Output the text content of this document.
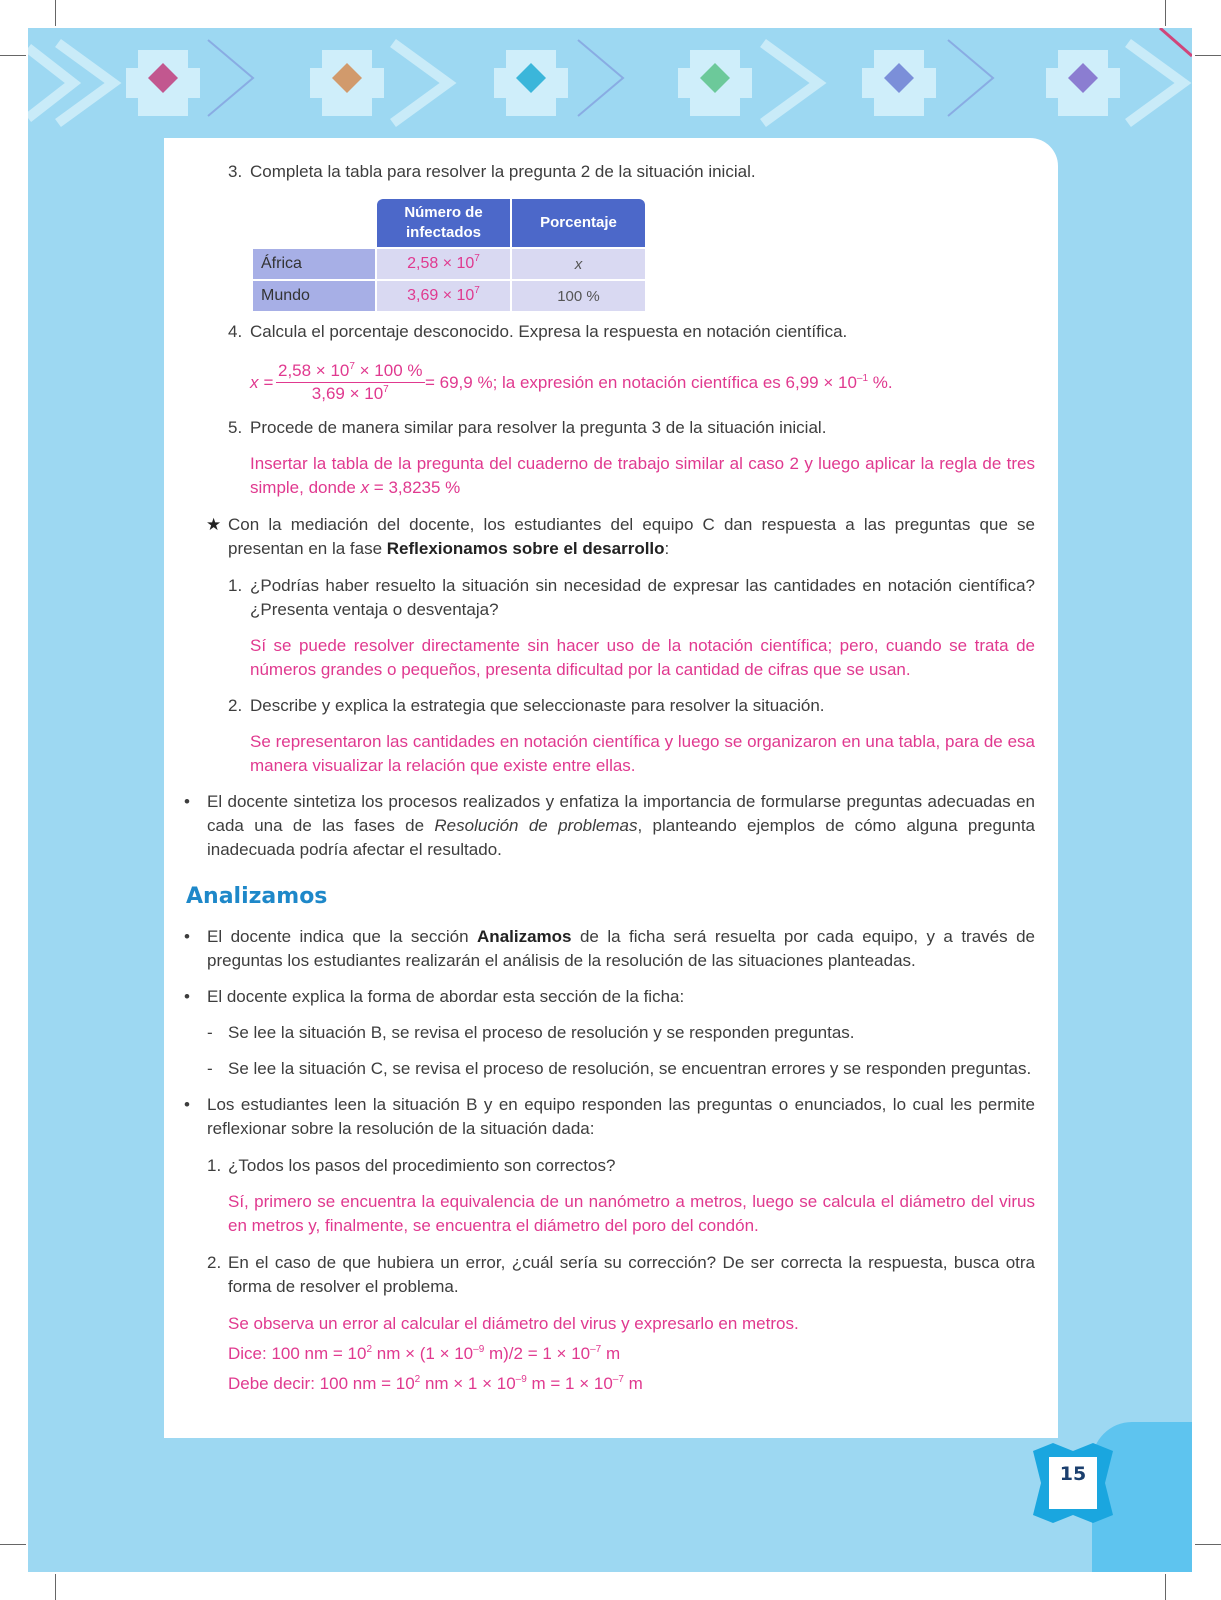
3. Completa la tabla para resolver la pregunta 2 de la situación inicial.
	Número de infectados	Porcentaje
África	$2,58 \times 10^7$	x
Mundo	$3,69 \times 10^7$	100 %
4. Calcula el porcentaje desconocido. Expresa la respuesta en notación científica.
$x = \frac{2,58 \times 10^7 \times 100 \%}{3,69 \times 10^7} = 69,9$ %; la expresión en notación científica es $6,99 \times 10^{-1}$ %.
5. Procede de manera similar para resolver la pregunta 3 de la situación inicial.
Insertar la tabla de la pregunta del cuaderno de trabajo similar al caso 2 y luego aplicar la regla de tres simple, donde x = 3,8235 %
★ Con la mediación del docente, los estudiantes del equipo C dan respuesta a las preguntas que se presentan en la fase Reflexionamos sobre el desarrollo:
1. ¿Podrías haber resuelto la situación sin necesidad de expresar las cantidades en notación científica? ¿Presenta ventaja o desventaja?
Sí se puede resolver directamente sin hacer uso de la notación científica; pero, cuando se trata de números grandes o pequeños, presenta dificultad por la cantidad de cifras que se usan.
2. Describe y explica la estrategia que seleccionaste para resolver la situación.
Se representaron las cantidades en notación científica y luego se organizaron en una tabla, para de esa manera visualizar la relación que existe entre ellas.
• El docente sintetiza los procesos realizados y enfatiza la importancia de formularse preguntas adecuadas en cada una de las fases de Resolución de problemas, planteando ejemplos de cómo alguna pregunta inadecuada podría afectar el resultado.
Analizamos
• El docente indica que la sección Analizamos de la ficha será resuelta por cada equipo, y a través de preguntas los estudiantes realizarán el análisis de la resolución de las situaciones planteadas.
• El docente explica la forma de abordar esta sección de la ficha:
- Se lee la situación B, se revisa el proceso de resolución y se responden preguntas.
- Se lee la situación C, se revisa el proceso de resolución, se encuentran errores y se responden preguntas.
• Los estudiantes leen la situación B y en equipo responden las preguntas o enunciados, lo cual les permite reflexionar sobre la resolución de la situación dada:
1. ¿Todos los pasos del procedimiento son correctos?
Sí, primero se encuentra la equivalencia de un nanómetro a metros, luego se calcula el diámetro del virus en metros y, finalmente, se encuentra el diámetro del poro del condón.
2. En el caso de que hubiera un error, ¿cuál sería su corrección? De ser correcta la respuesta, busca otra forma de resolver el problema.
Se observa un error al calcular el diámetro del virus y expresarlo en metros.
Dice: 100 nm = $10^2$ nm × ($1 \times 10^{-9}$ $m)/2 = 1 \times 10^{-7}$ m
Debe decir: 100 nm = $10^2$ nm × $1 \times 10^{-9}$ $m = 1 \times 10^{-7}$ m
15
